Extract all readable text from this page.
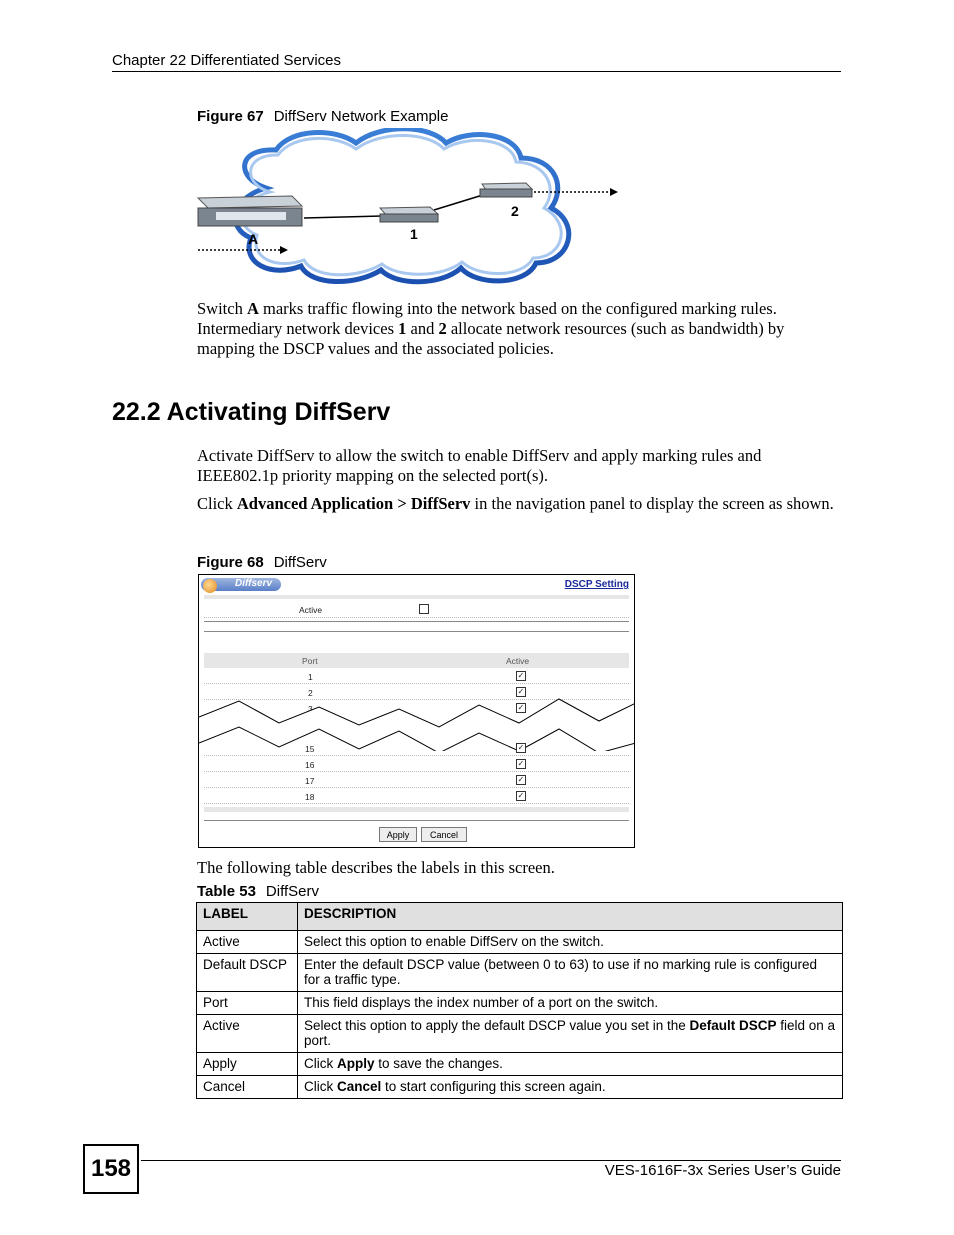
Chapter 22 Differentiated Services
Figure 67 DiffServ Network Example
A	1
2
Switch A marks traffic flowing into the network based on the configured marking rules. Intermediary network devices 1 and 2 allocate network resources (such as bandwidth) by mapping the DSCP values and the associated policies.
22.2 Activating DiffServ
Activate DiffServ to allow the switch to enable DiffServ and apply marking rules and IEEE802.1p priority mapping on the selected port(s).
Click Advanced Application > DiffServ in the navigation panel to display the screen as shown.
Figure 68 DiffServ
Diffserv	DSCP Setting
Active
Port	Active
1	✓
2	✓
3	✓
15	✓
16	✓
17	✓
18	✓
Apply	Cancel
The following table describes the labels in this screen.
Table 53 DiffServ
LABEL	DESCRIPTION
Active	Select this option to enable DiffServ on the switch.
Default DSCP	Enter the default DSCP value (between 0 to 63) to use if no marking rule is configured for a traffic type.
Port	This field displays the index number of a port on the switch.
Active	Select this option to apply the default DSCP value you set in the Default DSCP field on a port.
Apply	Click Apply to save the changes.
Cancel	Click Cancel to start configuring this screen again.
158	VES-1616F-3x Series User’s Guide
